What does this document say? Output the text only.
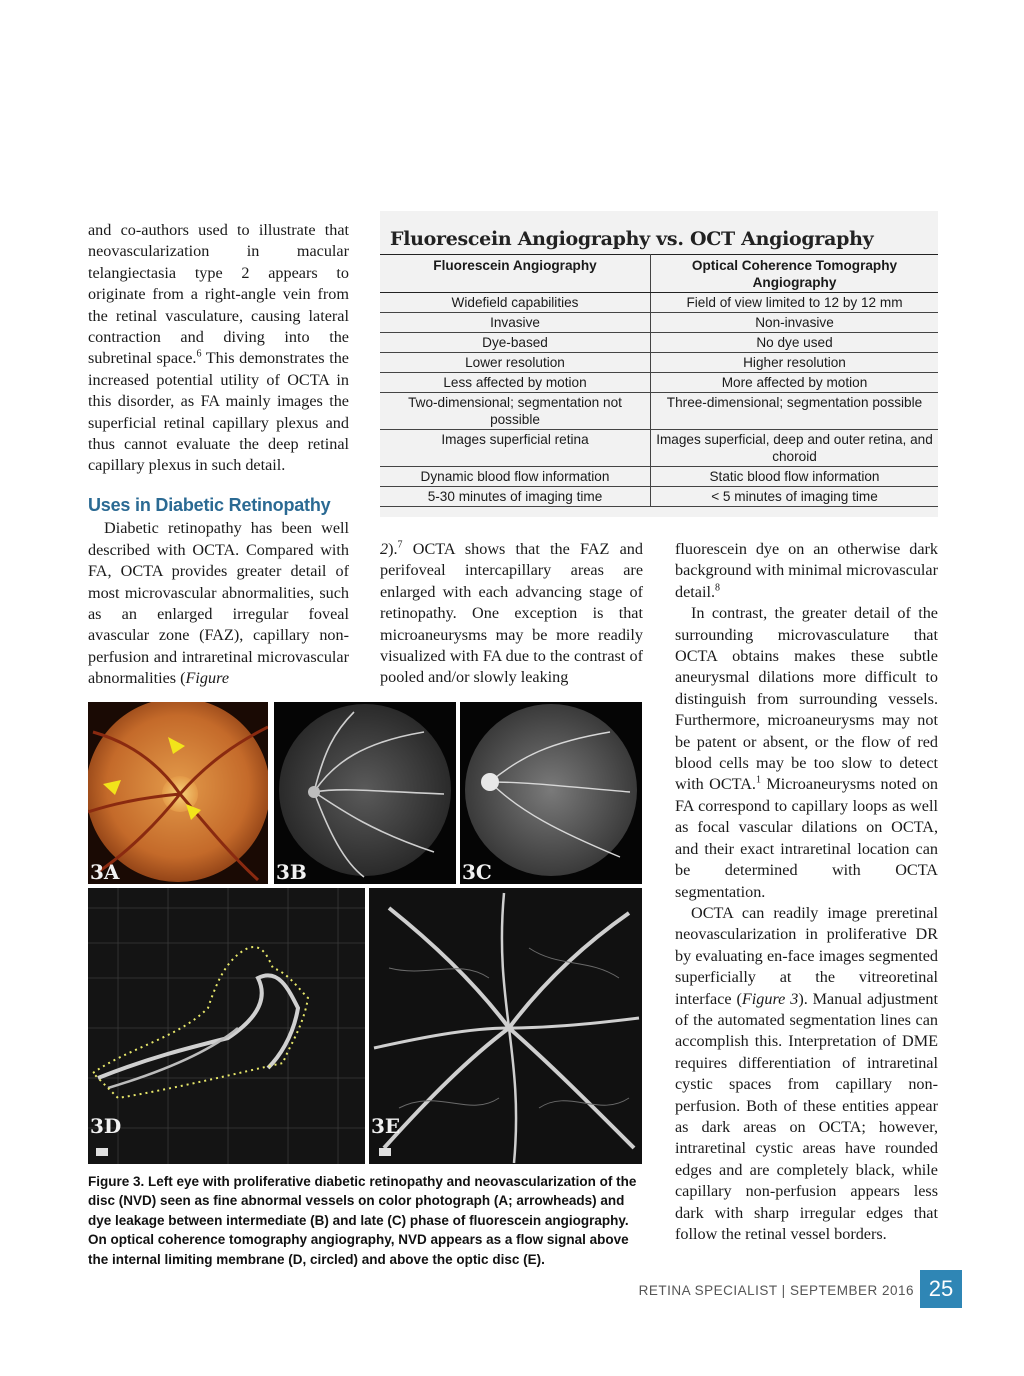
and co-authors used to illustrate that neovascularization in macular telangiectasia type 2 appears to originate from a right-angle vein from the retinal vasculature, causing lateral contraction and diving into the subretinal space.$^6$ This demonstrates the increased potential utility of OCTA in this disorder, as FA mainly images the superficial retinal capillary plexus and thus cannot evaluate the deep retinal capillary plexus in such detail.

Uses in Diabetic Retinopathy

Diabetic retinopathy has been well described with OCTA. Compared with FA, OCTA provides greater detail of most microvascular abnormalities, such as an enlarged irregular foveal avascular zone (FAZ), capillary non-perfusion and intraretinal microvascular abnormalities (Figure

Fluorescein Angiography vs. OCT Angiography
Fluorescein Angiography	Optical Coherence Tomography Angiography
Widefield capabilities	Field of view limited to 12 by 12 mm
Invasive	Non-invasive
Dye-based	No dye used
Lower resolution	Higher resolution
Less affected by motion	More affected by motion
Two-dimensional; segmentation not possible	Three-dimensional; segmentation possible
Images superficial retina	Images superficial, deep and outer retina, and choroid
Dynamic blood flow information	Static blood flow information
5-30 minutes of imaging time	< 5 minutes of imaging time

2).$^7$ OCTA shows that the FAZ and perifoveal intercapillary areas are enlarged with each advancing stage of retinopathy. One exception is that microaneurysms may be more readily visualized with FA due to the contrast of pooled and/or slowly leaking

fluorescein dye on an otherwise dark background with minimal microvascular detail.$^8$

In contrast, the greater detail of the surrounding microvasculature that OCTA obtains makes these subtle aneurysmal dilations more difficult to distinguish from surrounding vessels. Furthermore, microaneurysms may not be patent or absent, or the flow of red blood cells may be too slow to detect with OCTA.$^1$ Microaneurysms noted on FA correspond to capillary loops as well as focal vascular dilations on OCTA, and their exact intraretinal location can be determined with OCTA segmentation.

OCTA can readily image preretinal neovascularization in proliferative DR by evaluating en-face images segmented superficially at the vitreoretinal interface (Figure 3). Manual adjustment of the automated segmentation lines can accomplish this. Interpretation of DME requires differentiation of intraretinal cystic spaces from capillary non-perfusion. Both of these entities appear as dark areas on OCTA; however, intraretinal cystic areas have rounded edges and are completely black, while capillary non-perfusion appears less dark with sharp irregular edges that follow the retinal vessel borders.

3A	3B	3C
3D	3E
Figure 3. Left eye with proliferative diabetic retinopathy and neovascularization of the disc (NVD) seen as fine abnormal vessels on color photograph (A; arrowheads) and dye leakage between intermediate (B) and late (C) phase of fluorescein angiography. On optical coherence tomography angiography, NVD appears as a flow signal above the internal limiting membrane (D, circled) and above the optic disc (E).
RETINA SPECIALIST | SEPTEMBER 2016 25
